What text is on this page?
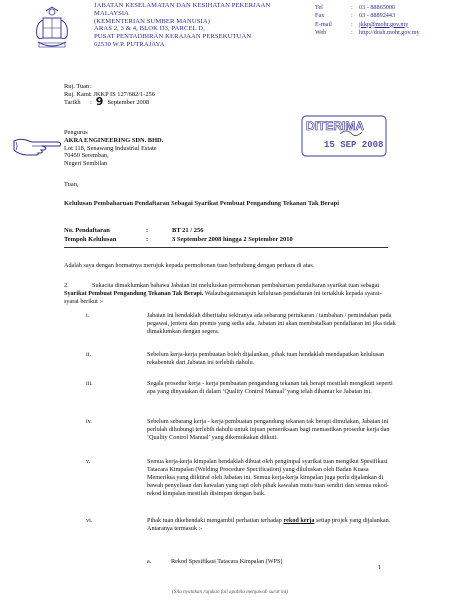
JABATAN KESELAMATAN DAN KESIHATAN PEKERJAAN
MALAYSIA
(KEMENTERIAN SUMBER MANUSIA)
ARAS 2, 3 & 4, BLOK D3, PARCEL D,
PUSAT PENTADBIRAN KERAJAAN PERSEKUTUAN
62530 W.P. PUTRAJAYA
Tel	:	03 - 88865000
Fax	:	03 - 88892443
E-mail	:	jkkp@mohr.gov.my
Web	:	http://dosh.mohr.gov.my
Ruj. Tuan :
Ruj. Kami : JKKP IS 127/682/1-256
Tarikh	: 9 September 2008
DITERIMA
15 SEP 2008
Pengurus
AKRA ENGINEERING SDN. BHD.
Lot 118, Senawang Industrial Estate
70450 Seremban,
Negeri Sembilan
Tuan,
Kelulusan Pembaharuan Pendaftaran Sebagai Syarikat Pembuat Pengandung Tekanan Tak Berapi
No. Pendaftaran	:	BT 21 / 256
Tempoh Kelulusan	:	3 September 2008 hingga 2 September 2010
Adalah saya dengan hormatnya merujuk kepada permohonan tuan berhubung dengan perkara di atas.
2.	Sukacita dimaklumkan bahawa Jabatan ini meluluskan permohonan pembaharuan pendaftaran syarikat tuan sebagai Syarikat Pembuat Pengandung Tekanan Tak Berapi. Walaubagaimanapun kelulusan pendaftaran ini tertakluk kepada syarat-syarat berikut :-
i.	Jabatan ini hendaklah diberitahu sekiranya ada sebarang pertukaran / tambahan / pemindahan pada pegawai, jentera dan premis yang sedia ada. Jabatan ini akan membatalkan pendaftaran ini jika tidak dimaklumkan dengan segera.
ii.	Sebelum kerja-kerja pembuatan boleh dijalankan, pihak tuan hendaklah mendapatkan kelulusan rekabentuk dari Jabatan ini terlebih dahulu.
iii.	Segala prosedur kerja - kerja pembuatan pengandung tekanan tak berapi mestilah mengikuti seperti apa yang dinyatakan di dalam ‘Quality Control Manual’ yang telah dihantar ke Jabatan ini.
iv.	Sebelum sebarang kerja - kerja pembuatan pengandung tekanan tak berapi dimulakan, Jabatan ini perlulah dihubungi terlebih dahulu untuk tujuan pemeriksaan bagi memastikan prosedur kerja dan ‘Quality Control Manual’ yang dikemukakan diikuti.
v.	Semua kerja-kerja kimpalan hendaklah dibuat oleh pengimpal syarikat tuan mengikut Spesifikasi Tatacara Kimpalan (Welding Procedure Specification) yang diluluskan oleh Badan Kuasa Memeriksa yang diiktiraf oleh Jabatan ini. Semua kerja-kerja kimpalan juga perlu dijalankan di bawah penyeliaan dan kawalan yang rapi oleh pihak kawalan mutu tuan sendiri dan semua rekod-rekod kimpalan mestilah disimpan dengan baik.
vi.	Pihak tuan dikehendaki mengambil perhatian terhadap rekod kerja setiap projek yang dijalankan. Antaranya termasuk :-
a.	Rekod Spesifikasi Tatacara Kimpalan (WPS)
1
(Sila nyatakan rujukan fail apabila menjawab surat ini)
